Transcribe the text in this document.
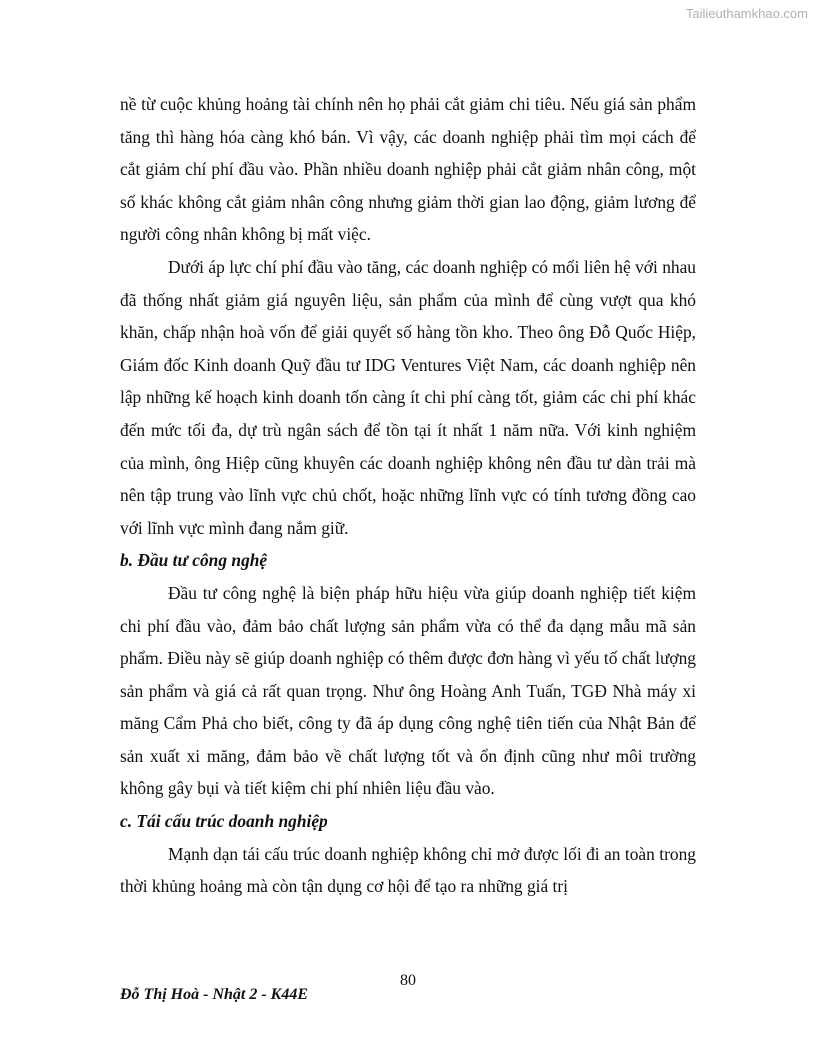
Tailieuthamkhao.com

nề từ cuộc khủng hoảng tài chính nên họ phải cắt giảm chi tiêu. Nếu giá sản phẩm tăng thì hàng hóa càng khó bán. Vì vậy, các doanh nghiệp phải tìm mọi cách để cắt giảm chí phí đầu vào. Phần nhiều doanh nghiệp phải cắt giảm nhân công, một số khác không cắt giảm nhân công nhưng giảm thời gian lao động, giảm lương để người công nhân không bị mất việc.

Dưới áp lực chí phí đầu vào tăng, các doanh nghiệp có mối liên hệ với nhau đã thống nhất giảm giá nguyên liệu, sản phẩm của mình để cùng vượt qua khó khăn, chấp nhận hoà vốn để giải quyết số hàng tồn kho. Theo ông Đỗ Quốc Hiệp, Giám đốc Kinh doanh Quỹ đầu tư IDG Ventures Việt Nam, các doanh nghiệp nên lập những kế hoạch kinh doanh tốn càng ít chi phí càng tốt, giảm các chi phí khác đến mức tối đa, dự trù ngân sách để tồn tại ít nhất 1 năm nữa. Với kinh nghiệm của mình, ông Hiệp cũng khuyên các doanh nghiệp không nên đầu tư dàn trải mà nên tập trung vào lĩnh vực chủ chốt, hoặc những lĩnh vực có tính tương đồng cao với lĩnh vực mình đang nắm giữ.

b. Đầu tư công nghệ

Đầu tư công nghệ là biện pháp hữu hiệu vừa giúp doanh nghiệp tiết kiệm chi phí đầu vào, đảm bảo chất lượng sản phẩm vừa có thể đa dạng mẫu mã sản phẩm. Điều này sẽ giúp doanh nghiệp có thêm được đơn hàng vì yếu tố chất lượng sản phẩm và giá cả rất quan trọng. Như ông Hoàng Anh Tuấn, TGĐ Nhà máy xi măng Cẩm Phả cho biết, công ty đã áp dụng công nghệ tiên tiến của Nhật Bản để sản xuất xi măng, đảm bảo về chất lượng tốt và ổn định cũng như môi trường không gây bụi và tiết kiệm chi phí nhiên liệu đầu vào.

c. Tái cấu trúc doanh nghiệp

Mạnh dạn tái cấu trúc doanh nghiệp không chỉ mở được lối đi an toàn trong thời khủng hoảng mà còn tận dụng cơ hội để tạo ra những giá trị

80
Đỗ Thị Hoà - Nhật 2 - K44E
